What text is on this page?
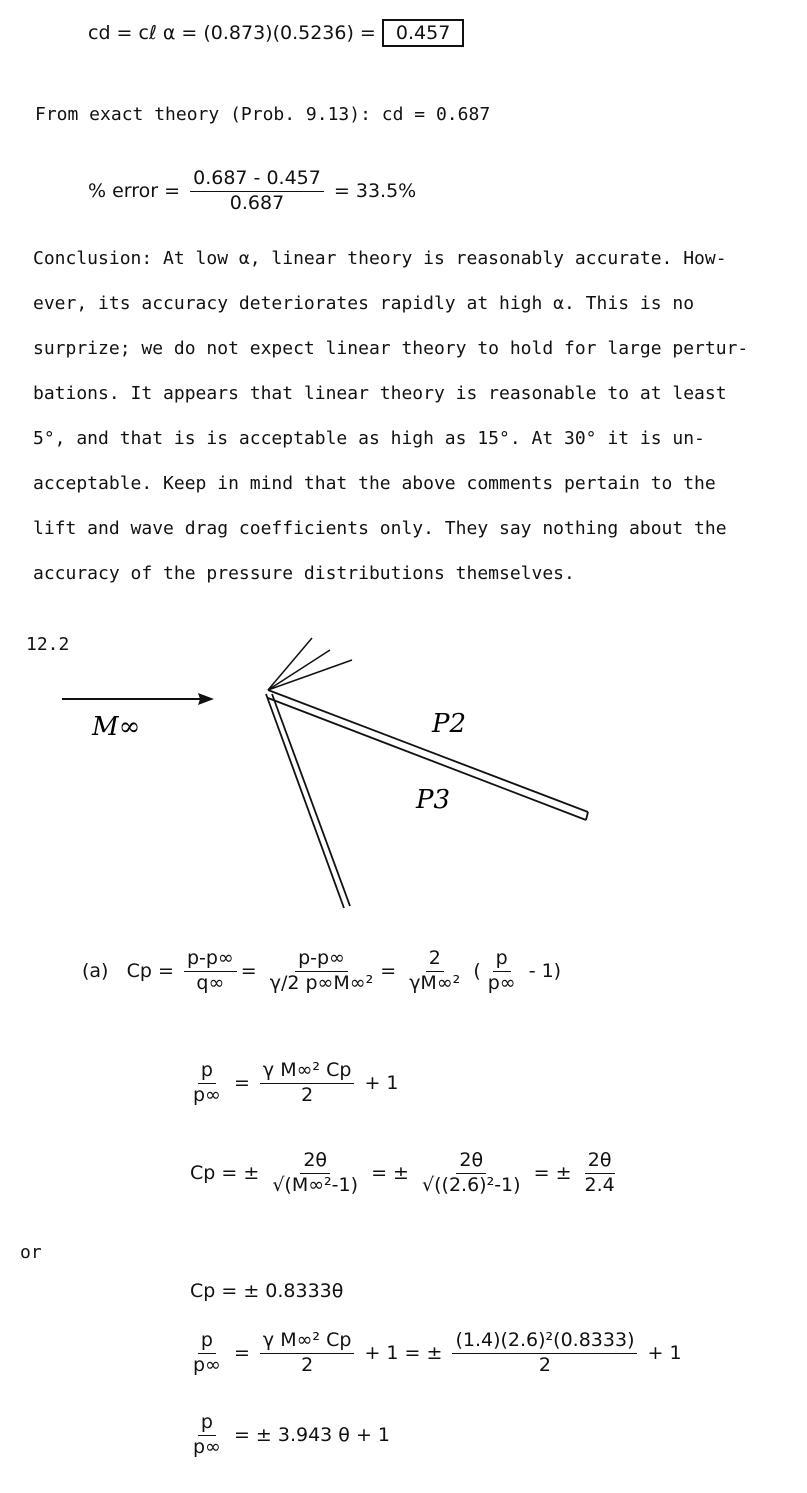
cd = cℓ α = (0.873)(0.5236) = 0.457
From exact theory (Prob. 9.13): cd = 0.687
% error = $\frac{0.687 - 0.457}{0.687} = 33.5\%$

Conclusion: At low α, linear theory is reasonably accurate. How-

ever, its accuracy deteriorates rapidly at high α. This is no

surprize; we do not expect linear theory to hold for large pertur-

bations. It appears that linear theory is reasonable to at least

5°, and that is is acceptable as high as 15°. At 30° it is un-

acceptable. Keep in mind that the above comments pertain to the

lift and wave drag coefficients only. They say nothing about the

accuracy of the pressure distributions themselves.

12.2
M∞	P2
P3
(a) $Cp = \frac{p-p\infty}{q\infty} = \frac{p-p\infty}{\text{γ/2 p∞M∞²}} = \frac{2}{\text{γM∞²}}$ ( $\frac{p}{p\infty} - 1$)
$\frac{p}{p\infty} = \frac{\text{γ M∞² Cp}}{2} + 1$
Cp = ± $\frac{2\theta}{\text{√(M∞²-1)}}$ = ± $\frac{2\theta}{\text{√((2.6)²-1)}}$ = ± $\frac{2\theta}{2.4}$
or
Cp = ± 0.8333θ
$\frac{p}{p\infty} = \frac{\text{γ M∞² Cp}}{2} + 1$ = ± $\frac{\text{(1.4)(2.6)²(0.8333)}}{2} + 1$
$\frac{p}{p\infty}$ = ± 3.943 θ + 1
